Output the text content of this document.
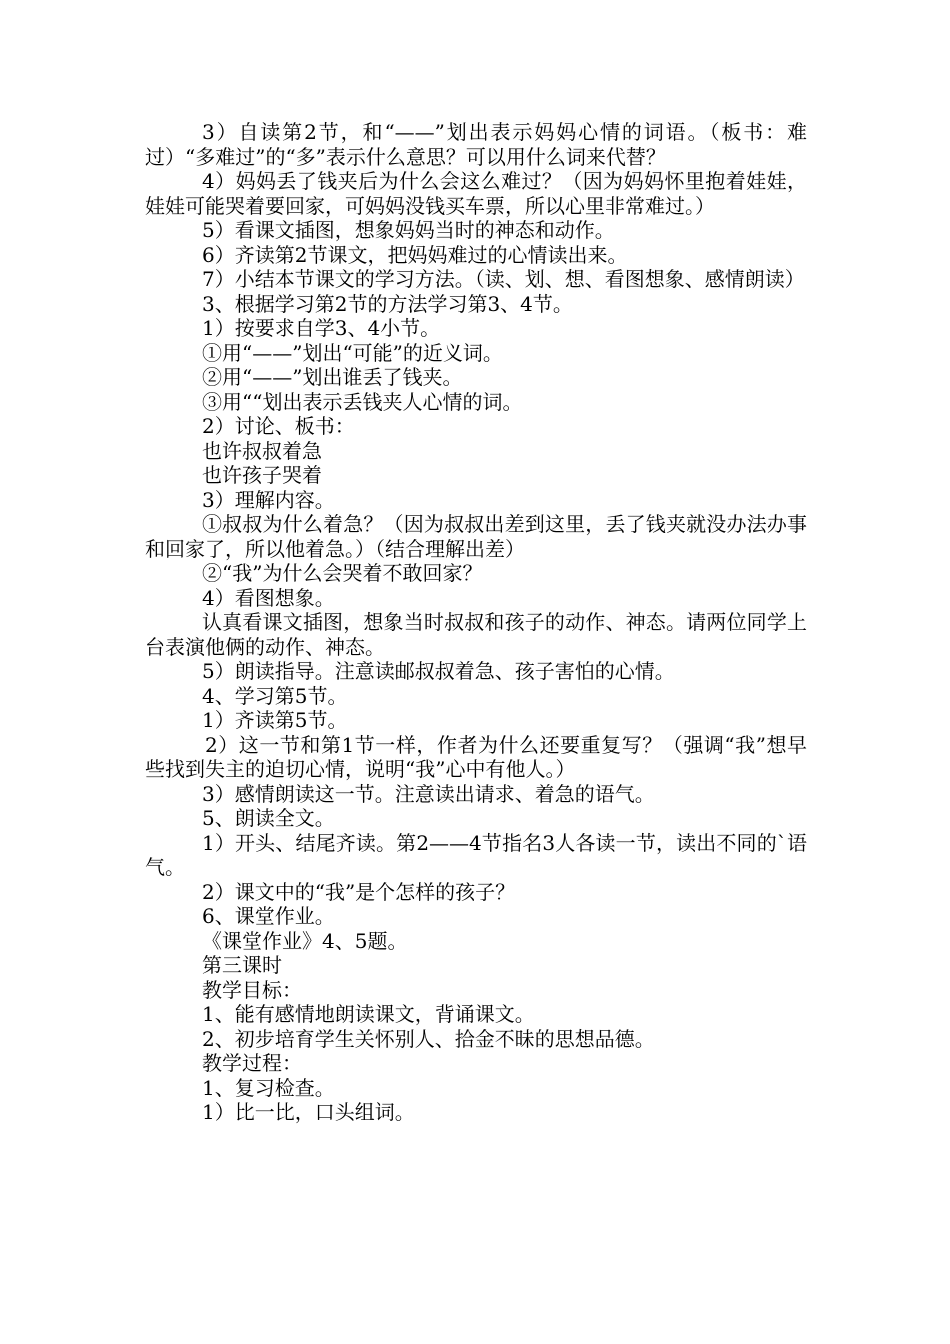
3）自读第2节，和“——”划出表示妈妈心情的词语。（板书：难过）“多难过”的“多”表示什么意思？可以用什么词来代替？

4）妈妈丢了钱夹后为什么会这么难过？（因为妈妈怀里抱着娃娃，娃娃可能哭着要回家，可妈妈没钱买车票，所以心里非常难过。）

5）看课文插图，想象妈妈当时的神态和动作。

6）齐读第2节课文，把妈妈难过的心情读出来。

7）小结本节课文的学习方法。（读、划、想、看图想象、感情朗读）

3、根据学习第2节的方法学习第3、4节。

1）按要求自学3、4小节。

①用“——”划出“可能”的近义词。

②用“——”划出谁丢了钱夹。

③用““划出表示丢钱夹人心情的词。

2）讨论、板书：

也许叔叔着急

也许孩子哭着

3）理解内容。

①叔叔为什么着急？（因为叔叔出差到这里，丢了钱夹就没办法办事和回家了，所以他着急。）（结合理解出差）

②“我”为什么会哭着不敢回家？

4）看图想象。

认真看课文插图，想象当时叔叔和孩子的动作、神态。请两位同学上台表演他俩的动作、神态。

5）朗读指导。注意读邮叔叔着急、孩子害怕的心情。

4、学习第5节。

1）齐读第5节。

2）这一节和第1节一样，作者为什么还要重复写？（强调“我”想早些找到失主的迫切心情，说明“我”心中有他人。）

3）感情朗读这一节。注意读出请求、着急的语气。

5、朗读全文。

1）开头、结尾齐读。第2——4节指名3人各读一节，读出不同的`语气。

2）课文中的“我”是个怎样的孩子？

6、课堂作业。

《课堂作业》4、5题。

第三课时

教学目标：

1、能有感情地朗读课文，背诵课文。

2、初步培育学生关怀别人、拾金不昧的思想品德。

教学过程：

1、复习检查。

1）比一比，口头组词。
